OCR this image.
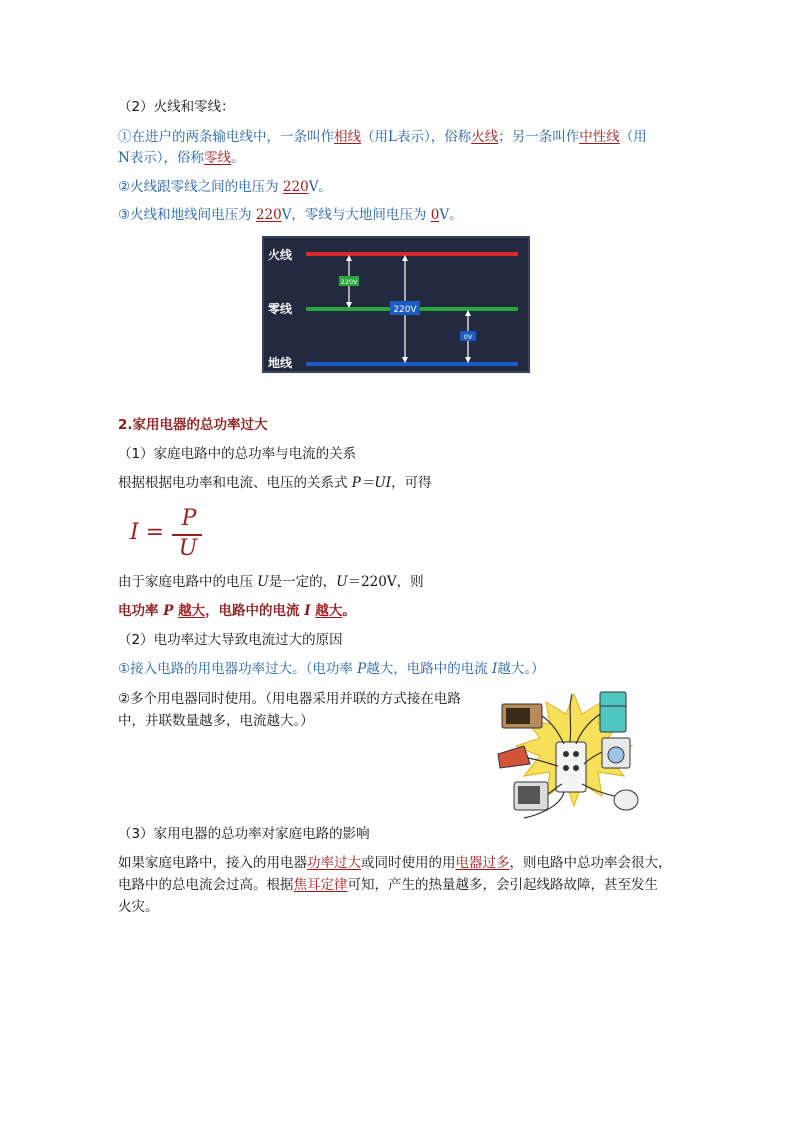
（2）火线和零线：
①在进户的两条输电线中，一条叫作相线（用L表示），俗称火线；另一条叫作中性线（用
N表示），俗称零线。
②火线跟零线之间的电压为 220V。
③火线和地线间电压为 220V，零线与大地间电压为 0V。
火线
零线
地线
220V
220V
0V
2.家用电器的总功率过大
（1）家庭电路中的总功率与电流的关系
根据根据电功率和电流、电压的关系式 P＝UI，可得
I =
P
U
由于家庭电路中的电压 U是一定的，U＝220V，则
电功率 P 越大，电路中的电流 I 越大。
（2）电功率过大导致电流过大的原因
①接入电路的用电器功率过大。（电功率 P越大，电路中的电流 I越大。）
②多个用电器同时使用。（用电器采用并联的方式接在电路
中，并联数量越多，电流越大。）
（3）家用电器的总功率对家庭电路的影响
如果家庭电路中，接入的用电器功率过大或同时使用的用电器过多，则电路中总功率会很大，
电路中的总电流会过高。根据焦耳定律可知，产生的热量越多，会引起线路故障，甚至发生
火灾。
